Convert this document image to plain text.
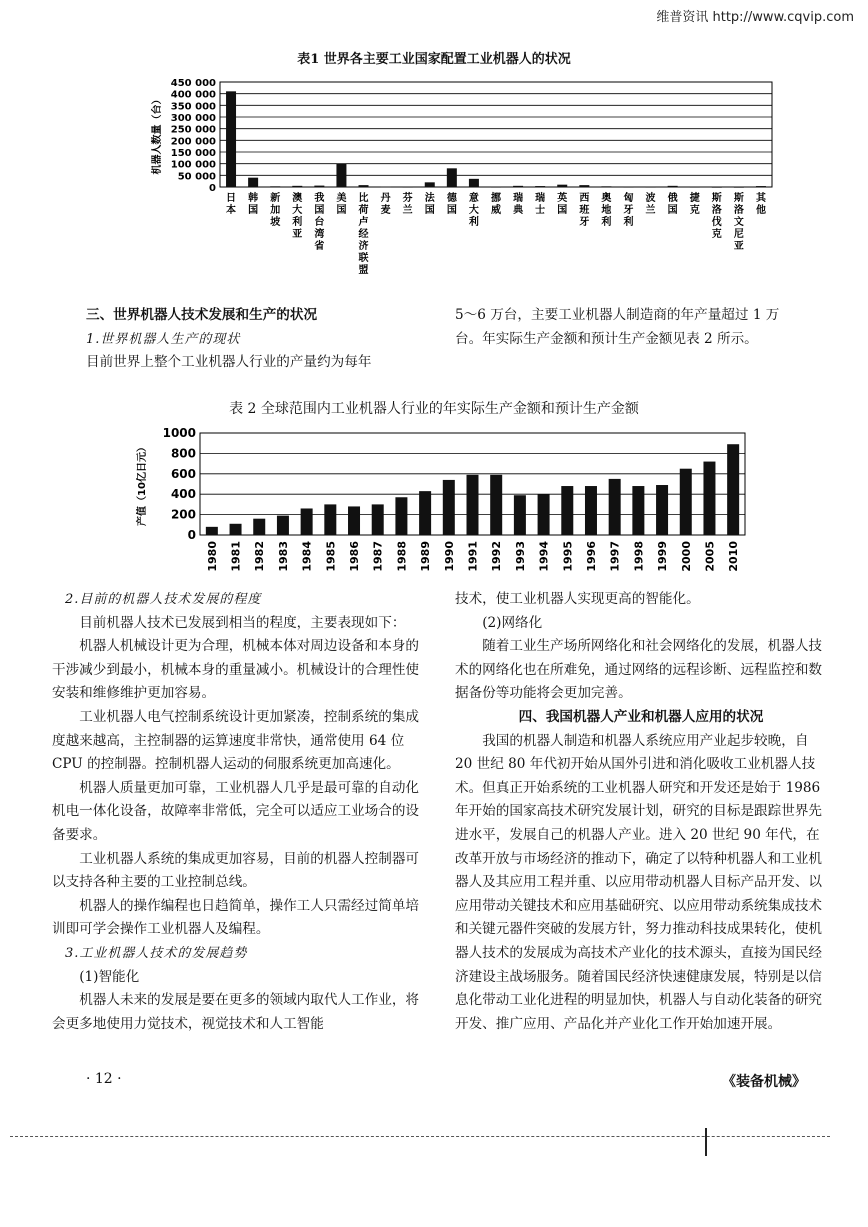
维普资讯 http://www.cqvip.com
表1 世界各主要工业国家配置工业机器人的状况
450 000
400 000
350 000
300 000
250 000
200 000
150 000
100 000
50 000
0
日
本
韩
国
新
加
坡
澳
大
利
亚
我
国
台
湾
省
美
国
比
荷
卢
经
济
联
盟
丹
麦
芬
兰
法
国
德
国
意
大
利
挪
威
瑞
典
瑞
士
英
国
西
班
牙
奥
地
利
匈
牙
利
波
兰
俄
国
捷
克
斯
洛
伐
克
斯
洛
文
尼
亚
其
他
机器人数量（台）

三、世界机器人技术发展和生产的状况

1.世界机器人生产的现状

目前世界上整个工业机器人行业的产量约为每年

5～6 万台，主要工业机器人制造商的年产量超过 1 万台。年实际生产金额和预计生产金额见表 2 所示。

表 2 全球范围内工业机器人行业的年实际生产金额和预计生产金额
1000
800
600
400
200
0
1980 1981 1982 1983 1984 1985 1986 1987 1988 1989 1990 1991 1992 1993 1994 1995 1996 1997 1998 1999 2000 2005 2010
产值（10亿日元）

2.目前的机器人技术发展的程度

目前机器人技术已发展到相当的程度，主要表现如下：

机器人机械设计更为合理，机械本体对周边设备和本身的干涉减少到最小，机械本身的重量减小。机械设计的合理性使安装和维修维护更加容易。

工业机器人电气控制系统设计更加紧凑，控制系统的集成度越来越高，主控制器的运算速度非常快，通常使用 64 位 CPU 的控制器。控制机器人运动的伺服系统更加高速化。

机器人质量更加可靠，工业机器人几乎是最可靠的自动化机电一体化设备，故障率非常低，完全可以适应工业场合的设备要求。

工业机器人系统的集成更加容易，目前的机器人控制器可以支持各种主要的工业控制总线。

机器人的操作编程也日趋简单，操作工人只需经过简单培训即可学会操作工业机器人及编程。

3.工业机器人技术的发展趋势

(1)智能化

机器人未来的发展是要在更多的领域内取代人工作业，将会更多地使用力觉技术，视觉技术和人工智能

技术，使工业机器人实现更高的智能化。

(2)网络化

随着工业生产场所网络化和社会网络化的发展，机器人技术的网络化也在所难免，通过网络的远程诊断、远程监控和数据备份等功能将会更加完善。

四、我国机器人产业和机器人应用的状况

我国的机器人制造和机器人系统应用产业起步较晚，自 20 世纪 80 年代初开始从国外引进和消化吸收工业机器人技术。但真正开始系统的工业机器人研究和开发还是始于 1986 年开始的国家高技术研究发展计划，研究的目标是跟踪世界先进水平，发展自己的机器人产业。进入 20 世纪 90 年代，在改革开放与市场经济的推动下，确定了以特种机器人和工业机器人及其应用工程并重、以应用带动机器人目标产品开发、以应用带动关键技术和应用基础研究、以应用带动系统集成技术和关键元器件突破的发展方针，努力推动科技成果转化，使机器人技术的发展成为高技术产业化的技术源头，直接为国民经济建设主战场服务。随着国民经济快速健康发展，特别是以信息化带动工业化进程的明显加快，机器人与自动化装备的研究开发、推广应用、产品化并产业化工作开始加速开展。

· 12 ·	《装备机械》
